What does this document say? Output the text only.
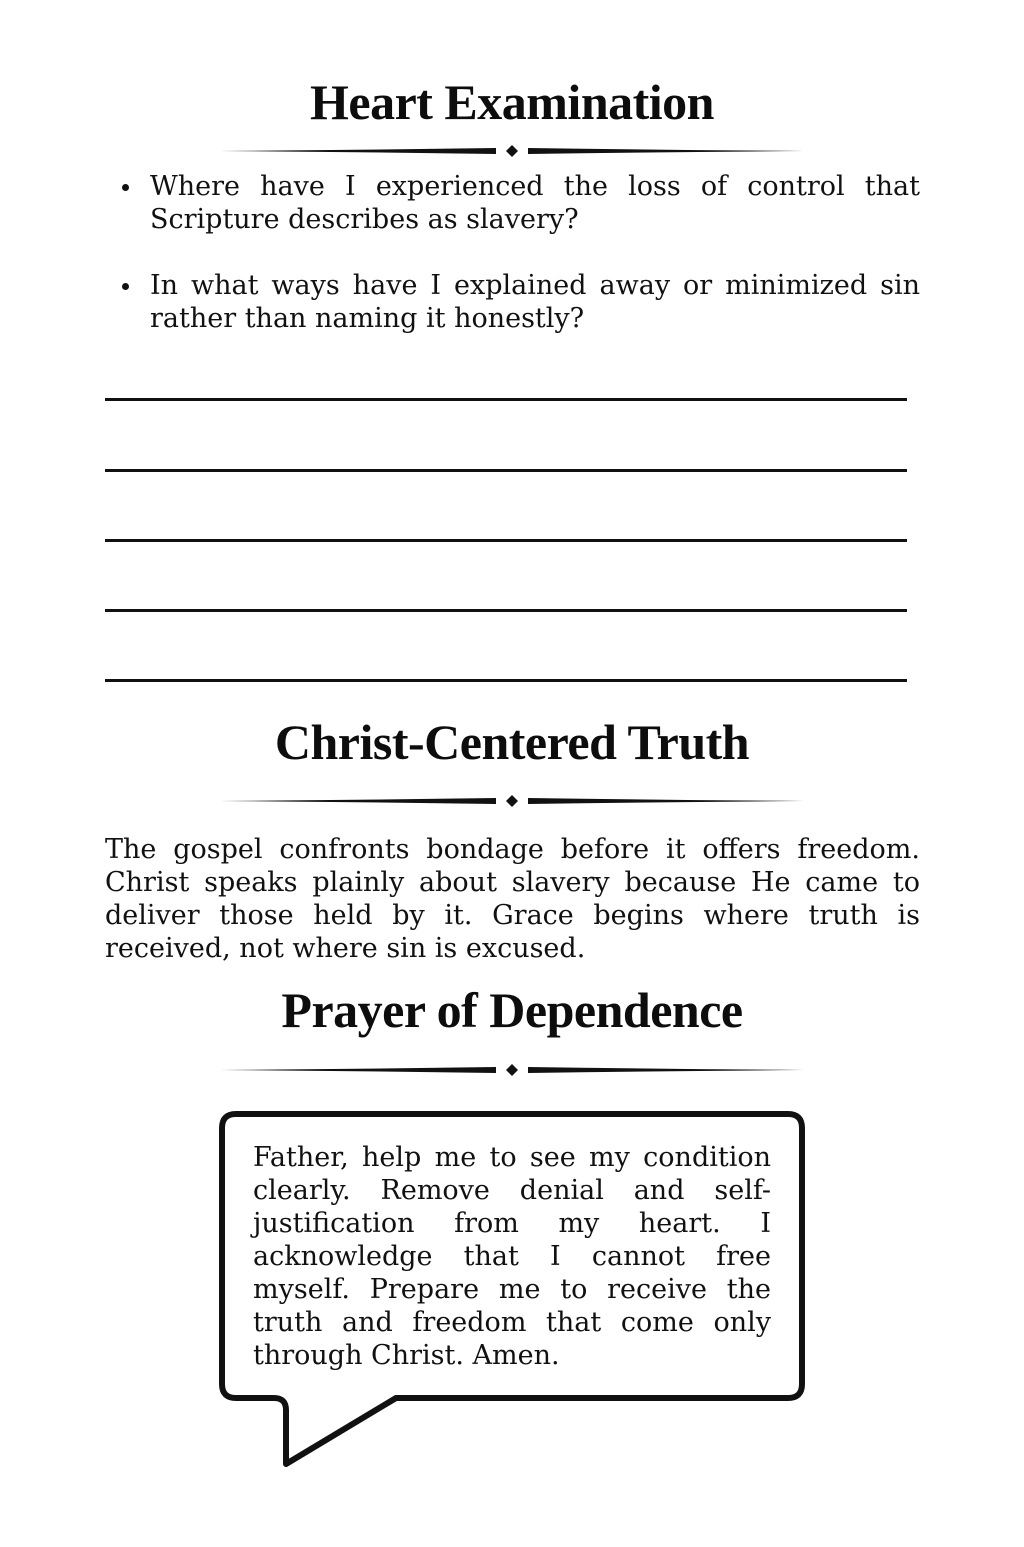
Heart Examination
Where have I experienced the loss of control that Scripture describes as slavery?
In what ways have I explained away or minimized sin rather than naming it honestly?
Christ-Centered Truth

The gospel confronts bondage before it offers freedom. Christ speaks plainly about slavery because He came to deliver those held by it. Grace begins where truth is received, not where sin is excused.

Prayer of Dependence

Father, help me to see my condition clearly. Remove denial and self-justification from my heart. I acknowledge that I cannot free myself. Prepare me to receive the truth and freedom that come only through Christ. Amen.
